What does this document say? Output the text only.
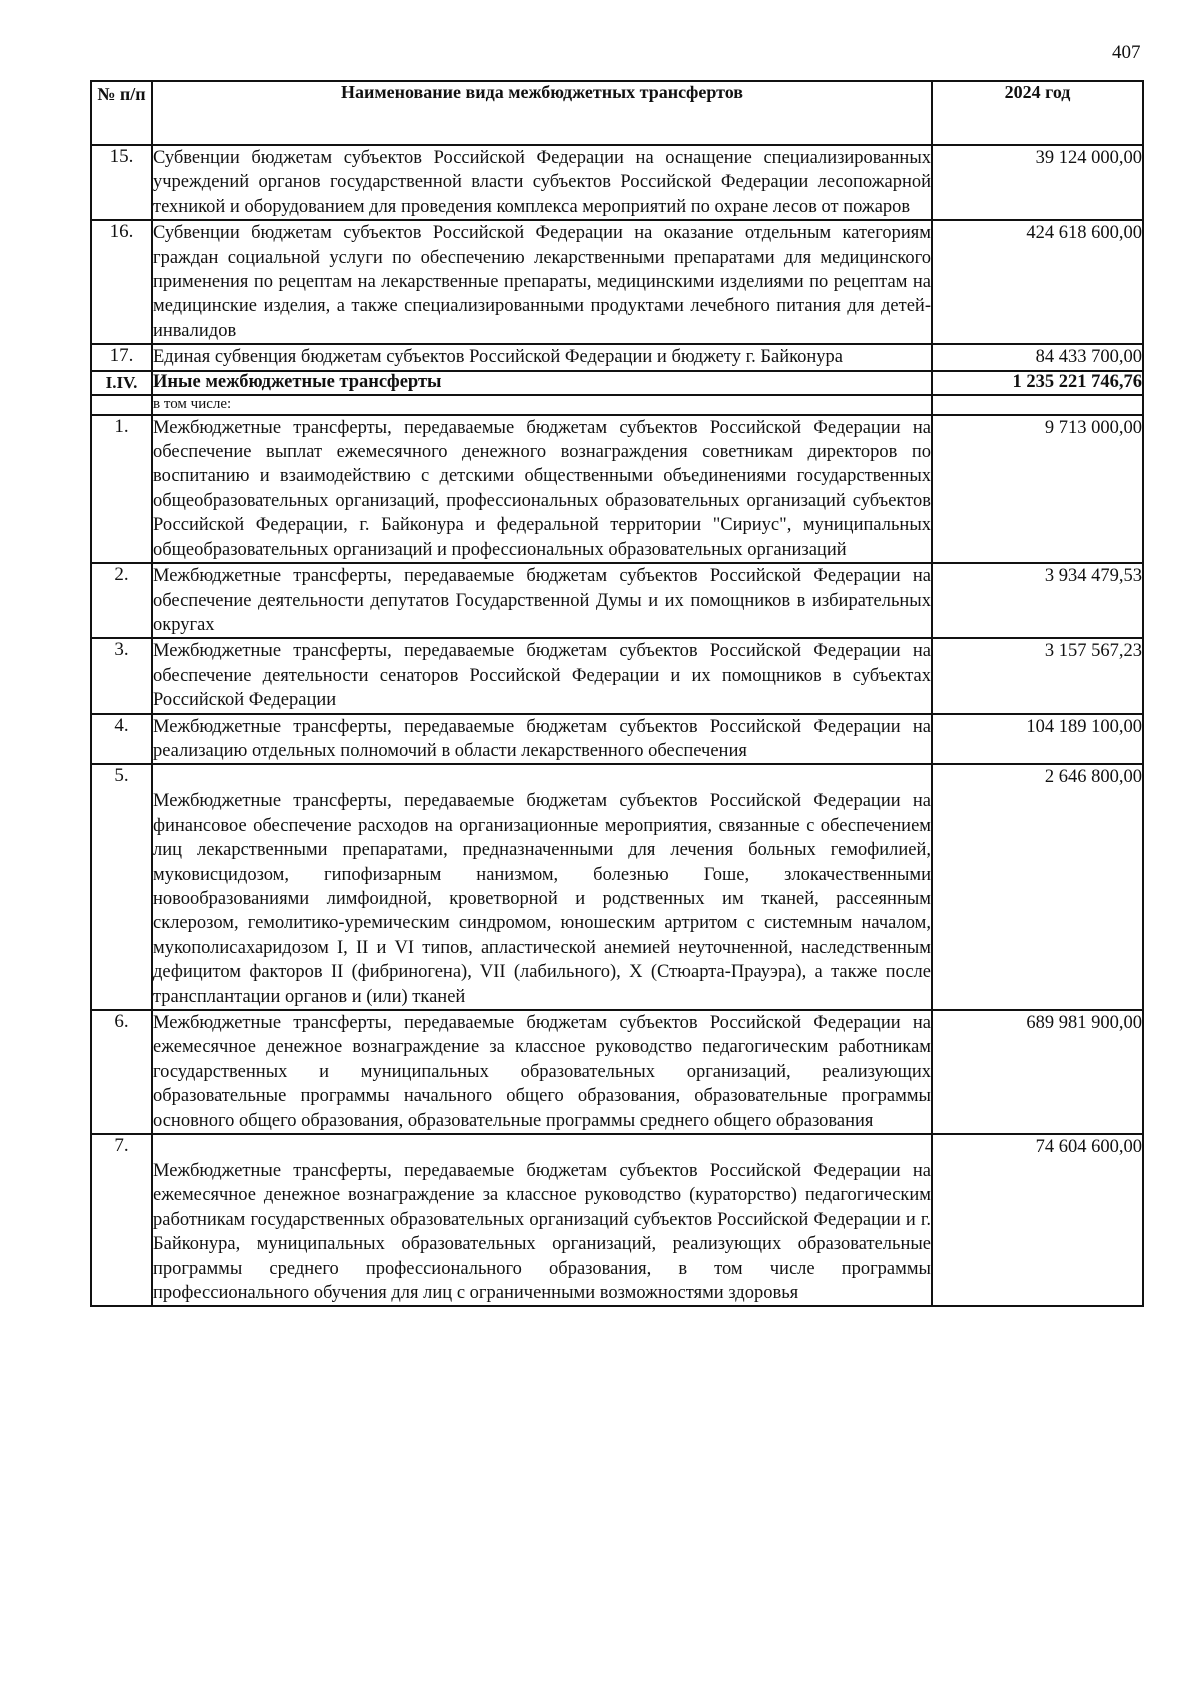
407
№ п/п	Наименование вида межбюджетных трансфертов	2024 год
15.	Субвенции бюджетам субъектов Российской Федерации на оснащение специализированных учреждений органов государственной власти субъектов Российской Федерации лесопожарной техникой и оборудованием для проведения комплекса мероприятий по охране лесов от пожаров	39 124 000,00
16.	Субвенции бюджетам субъектов Российской Федерации на оказание отдельным категориям граждан социальной услуги по обеспечению лекарственными препаратами для медицинского применения по рецептам на лекарственные препараты, медицинскими изделиями по рецептам на медицинские изделия, а также специализированными продуктами лечебного питания для детей-инвалидов	424 618 600,00
17.	Единая субвенция бюджетам субъектов Российской Федерации и бюджету г. Байконура	84 433 700,00
I.IV.	Иные межбюджетные трансферты	1 235 221 746,76
	в том числе:	
1.	Межбюджетные трансферты, передаваемые бюджетам субъектов Российской Федерации на обеспечение выплат ежемесячного денежного вознаграждения советникам директоров по воспитанию и взаимодействию с детскими общественными объединениями государственных общеобразовательных организаций, профессиональных образовательных организаций субъектов Российской Федерации, г. Байконура и федеральной территории "Сириус", муниципальных общеобразовательных организаций и профессиональных образовательных организаций	9 713 000,00
2.	Межбюджетные трансферты, передаваемые бюджетам субъектов Российской Федерации на обеспечение деятельности депутатов Государственной Думы и их помощников в избирательных округах	3 934 479,53
3.	Межбюджетные трансферты, передаваемые бюджетам субъектов Российской Федерации на обеспечение деятельности сенаторов Российской Федерации и их помощников в субъектах Российской Федерации	3 157 567,23
4.	Межбюджетные трансферты, передаваемые бюджетам субъектов Российской Федерации на реализацию отдельных полномочий в области лекарственного обеспечения	104 189 100,00
5.	Межбюджетные трансферты, передаваемые бюджетам субъектов Российской Федерации на финансовое обеспечение расходов на организационные мероприятия, связанные с обеспечением лиц лекарственными препаратами, предназначенными для лечения больных гемофилией, муковисцидозом, гипофизарным нанизмом, болезнью Гоше, злокачественными новообразованиями лимфоидной, кроветворной и родственных им тканей, рассеянным склерозом, гемолитико-уремическим синдромом, юношеским артритом с системным началом, мукополисахаридозом I, II и VI типов, апластической анемией неуточненной, наследственным дефицитом факторов II (фибриногена), VII (лабильного), X (Стюарта-Прауэра), а также после трансплантации органов и (или) тканей	2 646 800,00
6.	Межбюджетные трансферты, передаваемые бюджетам субъектов Российской Федерации на ежемесячное денежное вознаграждение за классное руководство педагогическим работникам государственных и муниципальных образовательных организаций, реализующих образовательные программы начального общего образования, образовательные программы основного общего образования, образовательные программы среднего общего образования	689 981 900,00
7.	Межбюджетные трансферты, передаваемые бюджетам субъектов Российской Федерации на ежемесячное денежное вознаграждение за классное руководство (кураторство) педагогическим работникам государственных образовательных организаций субъектов Российской Федерации и г. Байконура, муниципальных образовательных организаций, реализующих образовательные программы среднего профессионального образования, в том числе программы профессионального обучения для лиц с ограниченными возможностями здоровья	74 604 600,00
